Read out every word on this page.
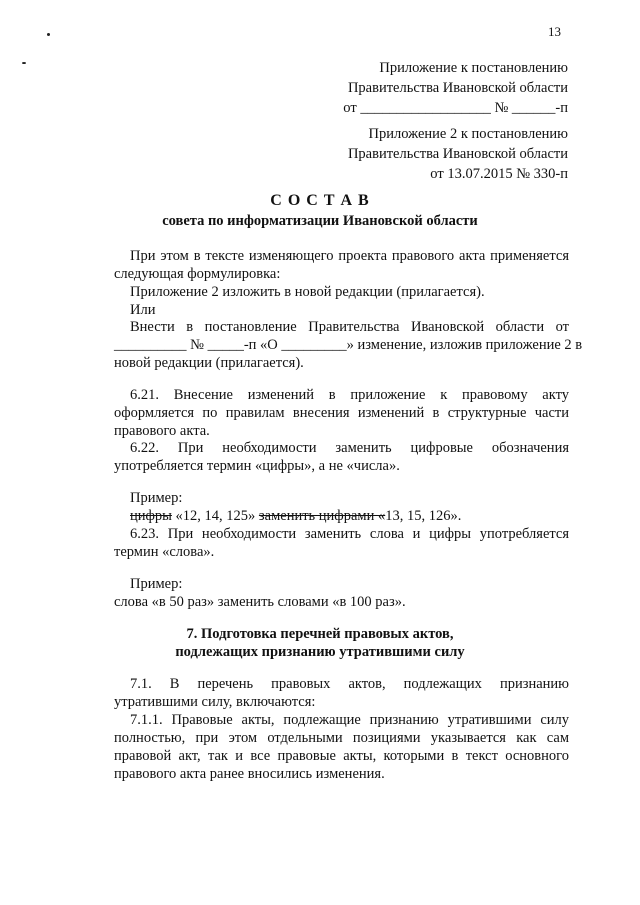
13
Приложение к постановлению
Правительства Ивановской области
от __________________ № ______-п
Приложение 2 к постановлению
Правительства Ивановской области
от 13.07.2015 № 330-п
С О С Т А В
совета по информатизации Ивановской области
При этом в тексте изменяющего проекта правового акта применяется
следующая формулировка:
Приложение 2 изложить в новой редакции (прилагается).
Или
Внести в постановление Правительства Ивановской области от
__________ № _____-п «О _________» изменение, изложив приложение 2 в
новой редакции (прилагается).
6.21. Внесение изменений в приложение к правовому акту
оформляется по правилам внесения изменений в структурные части
правового акта.
6.22. При необходимости заменить цифровые обозначения
употребляется термин «цифры», а не «числа».
Пример:
цифры «12, 14, 125» заменить цифрами «13, 15, 126».
6.23. При необходимости заменить слова и цифры употребляется
термин «слова».
Пример:
слова «в 50 раз» заменить словами «в 100 раз».
7. Подготовка перечней правовых актов,
подлежащих признанию утратившими силу
7.1. В перечень правовых актов, подлежащих признанию
утратившими силу, включаются:
7.1.1. Правовые акты, подлежащие признанию утратившими силу
полностью, при этом отдельными позициями указывается как сам
правовой акт, так и все правовые акты, которыми в текст основного
правового акта ранее вносились изменения.
